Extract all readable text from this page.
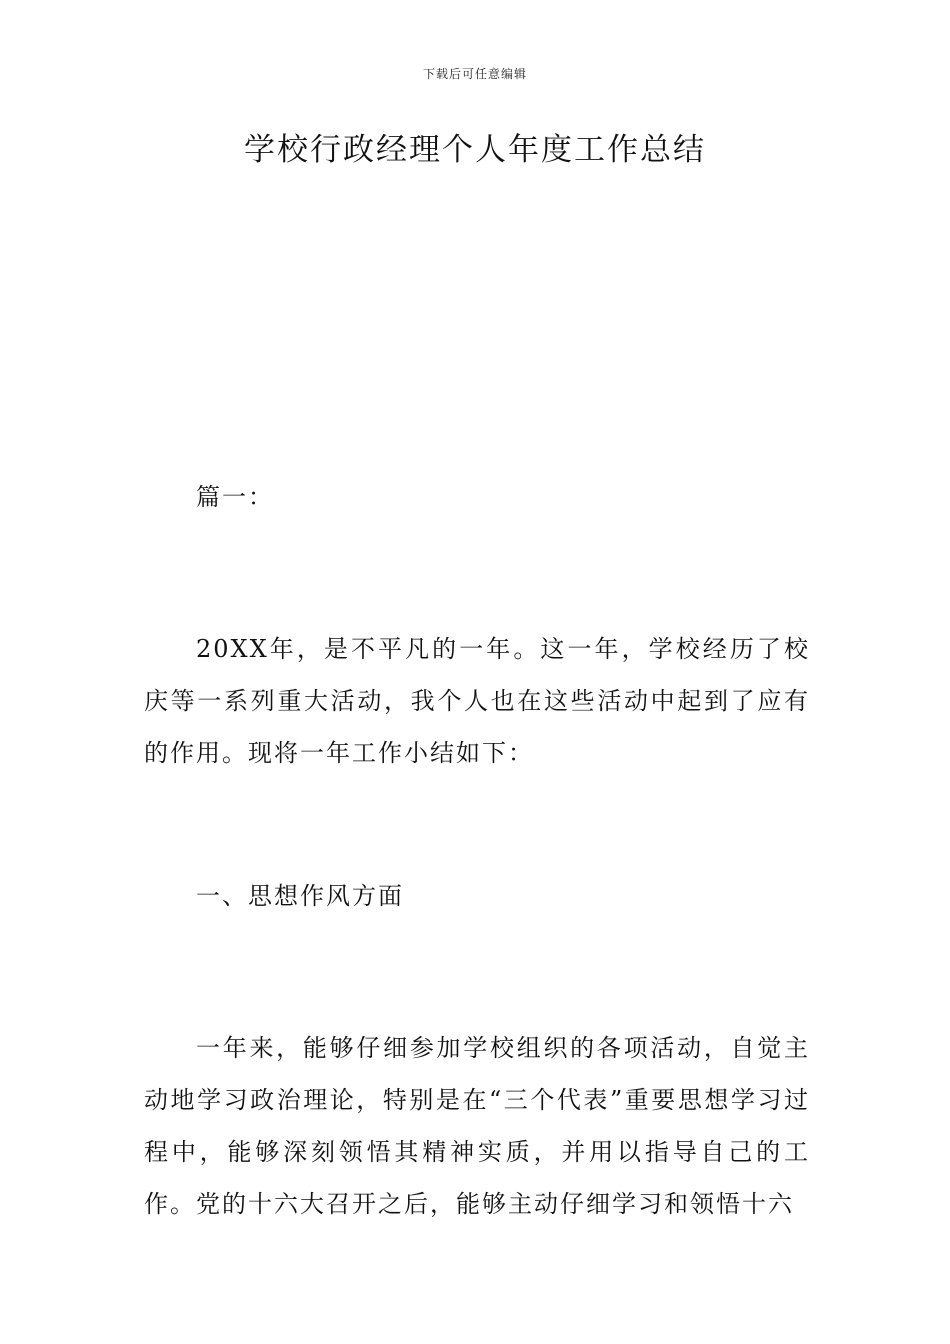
下载后可任意编辑
学校行政经理个人年度工作总结

篇一：

20XX年，是不平凡的一年。这一年，学校经历了校庆等一系列重大活动，我个人也在这些活动中起到了应有的作用。现将一年工作小结如下：

一、思想作风方面

一年来，能够仔细参加学校组织的各项活动，自觉主动地学习政治理论，特别是在“三个代表”重要思想学习过程中，能够深刻领悟其精神实质，并用以指导自己的工作。党的十六大召开之后，能够主动仔细学习和领悟十六
